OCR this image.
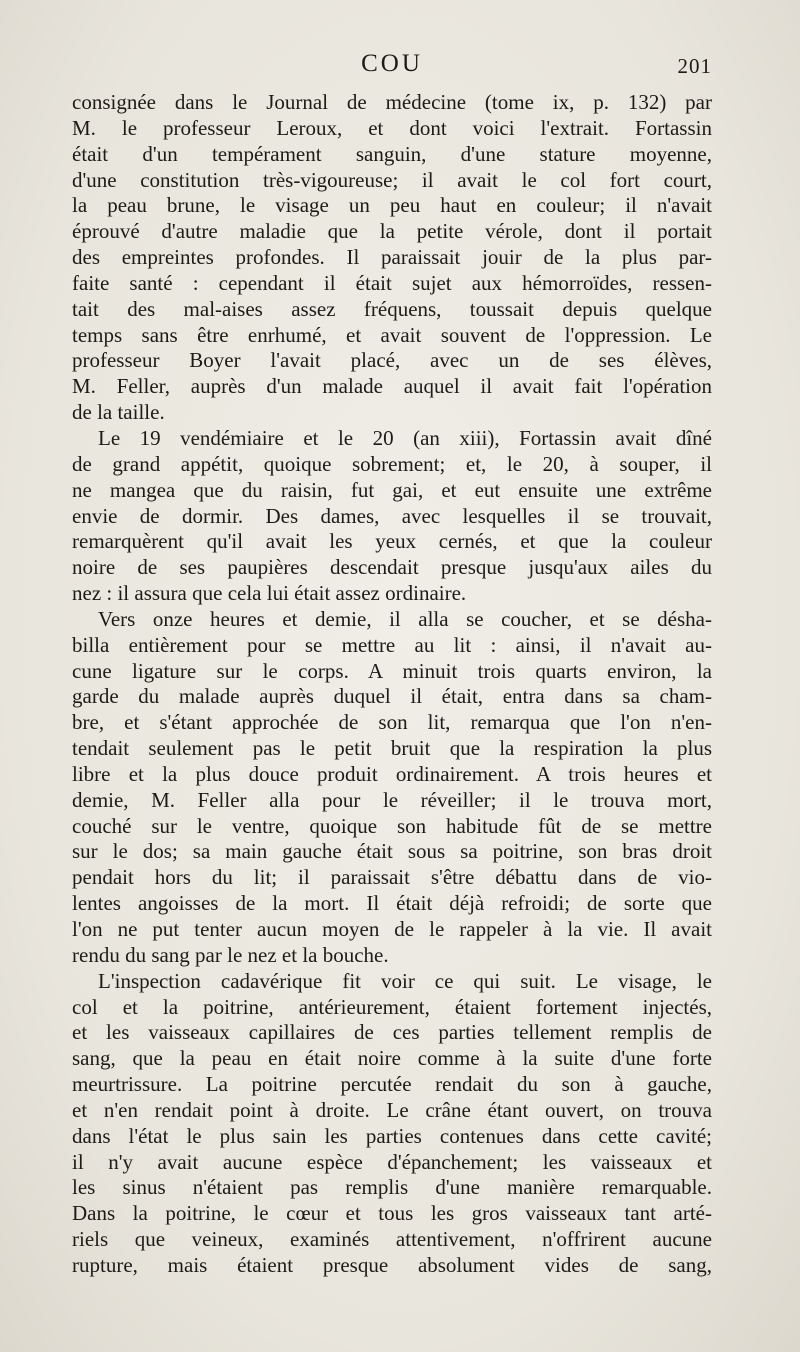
COU	201
consignée dans le Journal de médecine (tome ix, p. 132) par
M. le professeur Leroux, et dont voici l'extrait. Fortassin
était d'un tempérament sanguin, d'une stature moyenne,
d'une constitution très-vigoureuse; il avait le col fort court,
la peau brune, le visage un peu haut en couleur; il n'avait
éprouvé d'autre maladie que la petite vérole, dont il portait
des empreintes profondes. Il paraissait jouir de la plus par-
faite santé : cependant il était sujet aux hémorroïdes, ressen-
tait des mal-aises assez fréquens, toussait depuis quelque
temps sans être enrhumé, et avait souvent de l'oppression. Le
professeur Boyer l'avait placé, avec un de ses élèves,
M. Feller, auprès d'un malade auquel il avait fait l'opération
de la taille.
Le 19 vendémiaire et le 20 (an xiii), Fortassin avait dîné
de grand appétit, quoique sobrement; et, le 20, à souper, il
ne mangea que du raisin, fut gai, et eut ensuite une extrême
envie de dormir. Des dames, avec lesquelles il se trouvait,
remarquèrent qu'il avait les yeux cernés, et que la couleur
noire de ses paupières descendait presque jusqu'aux ailes du
nez : il assura que cela lui était assez ordinaire.
Vers onze heures et demie, il alla se coucher, et se désha-
billa entièrement pour se mettre au lit : ainsi, il n'avait au-
cune ligature sur le corps. A minuit trois quarts environ, la
garde du malade auprès duquel il était, entra dans sa cham-
bre, et s'étant approchée de son lit, remarqua que l'on n'en-
tendait seulement pas le petit bruit que la respiration la plus
libre et la plus douce produit ordinairement. A trois heures et
demie, M. Feller alla pour le réveiller; il le trouva mort,
couché sur le ventre, quoique son habitude fût de se mettre
sur le dos; sa main gauche était sous sa poitrine, son bras droit
pendait hors du lit; il paraissait s'être débattu dans de vio-
lentes angoisses de la mort. Il était déjà refroidi; de sorte que
l'on ne put tenter aucun moyen de le rappeler à la vie. Il avait
rendu du sang par le nez et la bouche.
L'inspection cadavérique fit voir ce qui suit. Le visage, le
col et la poitrine, antérieurement, étaient fortement injectés,
et les vaisseaux capillaires de ces parties tellement remplis de
sang, que la peau en était noire comme à la suite d'une forte
meurtrissure. La poitrine percutée rendait du son à gauche,
et n'en rendait point à droite. Le crâne étant ouvert, on trouva
dans l'état le plus sain les parties contenues dans cette cavité;
il n'y avait aucune espèce d'épanchement; les vaisseaux et
les sinus n'étaient pas remplis d'une manière remarquable.
Dans la poitrine, le cœur et tous les gros vaisseaux tant arté-
riels que veineux, examinés attentivement, n'offrirent aucune
rupture, mais étaient presque absolument vides de sang,
